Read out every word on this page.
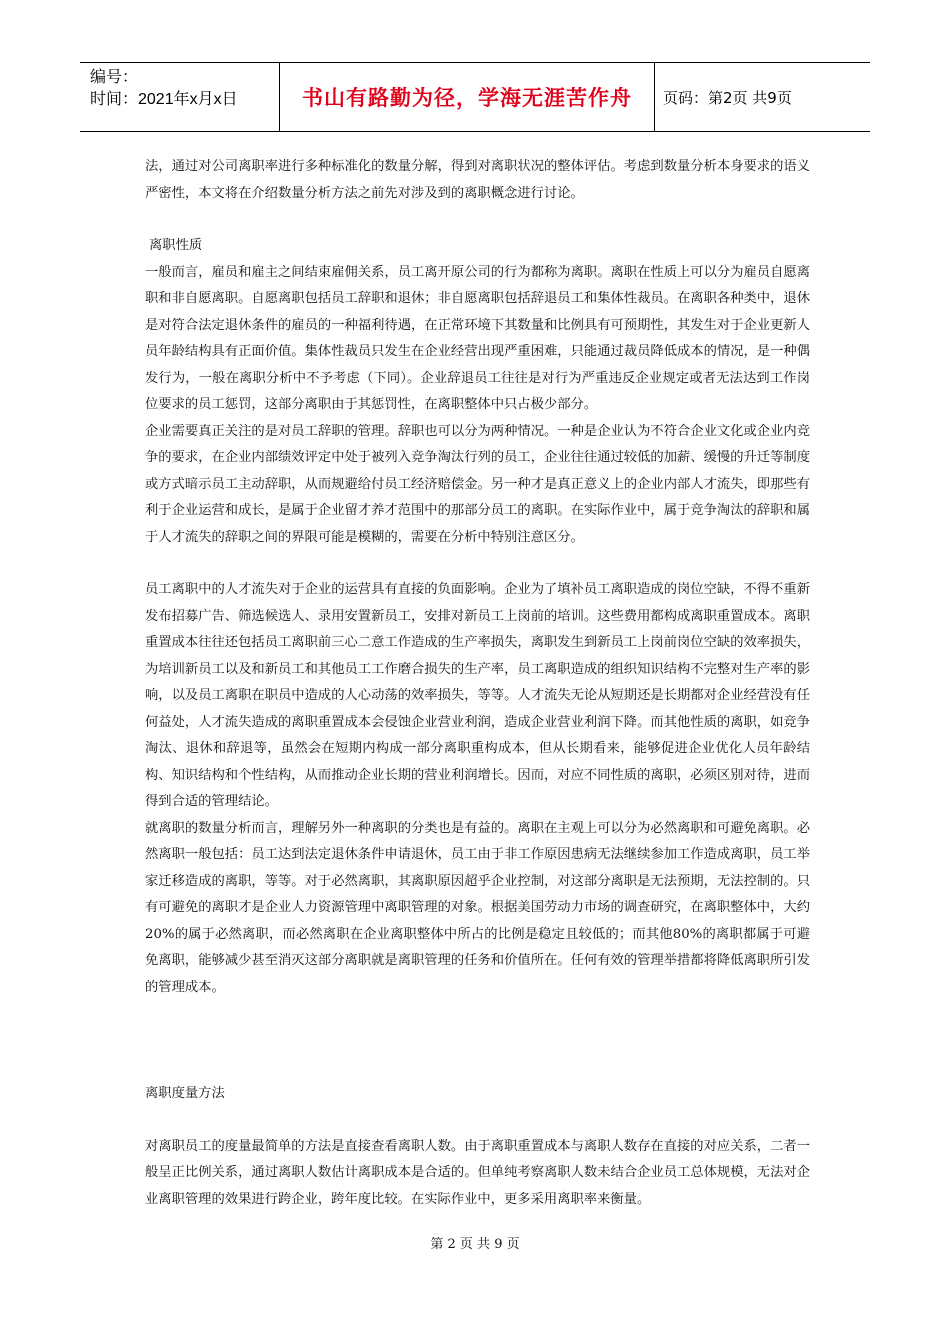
编号：
时间：2021年x月x日	书山有路勤为径，学海无涯苦作舟	页码：第2页 共9页

法，通过对公司离职率进行多种标准化的数量分解，得到对离职状况的整体评估。考虑到数量分析本身要求的语义严密性，本文将在介绍数量分析方法之前先对涉及到的离职概念进行讨论。

离职性质

一般而言，雇员和雇主之间结束雇佣关系，员工离开原公司的行为都称为离职。离职在性质上可以分为雇员自愿离职和非自愿离职。自愿离职包括员工辞职和退休；非自愿离职包括辞退员工和集体性裁员。在离职各种类中，退休是对符合法定退休条件的雇员的一种福利待遇，在正常环境下其数量和比例具有可预期性，其发生对于企业更新人员年龄结构具有正面价值。集体性裁员只发生在企业经营出现严重困难，只能通过裁员降低成本的情况，是一种偶发行为，一般在离职分析中不予考虑（下同）。企业辞退员工往往是对行为严重违反企业规定或者无法达到工作岗位要求的员工惩罚，这部分离职由于其惩罚性，在离职整体中只占极少部分。

企业需要真正关注的是对员工辞职的管理。辞职也可以分为两种情况。一种是企业认为不符合企业文化或企业内竞争的要求，在企业内部绩效评定中处于被列入竞争淘汰行列的员工，企业往往通过较低的加薪、缓慢的升迁等制度或方式暗示员工主动辞职，从而规避给付员工经济赔偿金。另一种才是真正意义上的企业内部人才流失，即那些有利于企业运营和成长，是属于企业留才养才范围中的那部分员工的离职。在实际作业中，属于竞争淘汰的辞职和属于人才流失的辞职之间的界限可能是模糊的，需要在分析中特别注意区分。

员工离职中的人才流失对于企业的运营具有直接的负面影响。企业为了填补员工离职造成的岗位空缺，不得不重新发布招募广告、筛选候选人、录用安置新员工，安排对新员工上岗前的培训。这些费用都构成离职重置成本。离职重置成本往往还包括员工离职前三心二意工作造成的生产率损失，离职发生到新员工上岗前岗位空缺的效率损失，为培训新员工以及和新员工和其他员工工作磨合损失的生产率，员工离职造成的组织知识结构不完整对生产率的影响，以及员工离职在职员中造成的人心动荡的效率损失，等等。人才流失无论从短期还是长期都对企业经营没有任何益处，人才流失造成的离职重置成本会侵蚀企业营业利润，造成企业营业利润下降。而其他性质的离职，如竞争淘汰、退休和辞退等，虽然会在短期内构成一部分离职重构成本，但从长期看来，能够促进企业优化人员年龄结构、知识结构和个性结构，从而推动企业长期的营业利润增长。因而，对应不同性质的离职，必须区别对待，进而得到合适的管理结论。

就离职的数量分析而言，理解另外一种离职的分类也是有益的。离职在主观上可以分为必然离职和可避免离职。必然离职一般包括：员工达到法定退休条件申请退休，员工由于非工作原因患病无法继续参加工作造成离职，员工举家迁移造成的离职，等等。对于必然离职，其离职原因超乎企业控制，对这部分离职是无法预期，无法控制的。只有可避免的离职才是企业人力资源管理中离职管理的对象。根据美国劳动力市场的调查研究，在离职整体中，大约20%的属于必然离职，而必然离职在企业离职整体中所占的比例是稳定且较低的；而其他80%的离职都属于可避免离职，能够减少甚至消灭这部分离职就是离职管理的任务和价值所在。任何有效的管理举措都将降低离职所引发的管理成本。

离职度量方法

对离职员工的度量最简单的方法是直接查看离职人数。由于离职重置成本与离职人数存在直接的对应关系，二者一般呈正比例关系，通过离职人数估计离职成本是合适的。但单纯考察离职人数未结合企业员工总体规模，无法对企业离职管理的效果进行跨企业，跨年度比较。在实际作业中，更多采用离职率来衡量。

第 2 页 共 9 页
